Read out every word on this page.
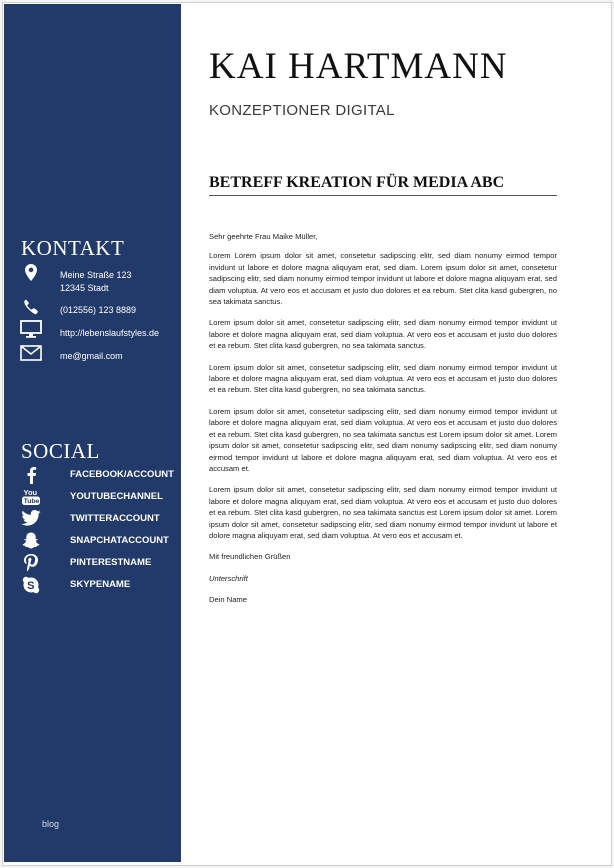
KONTAKT
Meine Straße 123
12345 Stadt
(012556) 123 8889
http://lebenslaufstyles.de
me@gmail.com
SOCIAL
FACEBOOK/ACCOUNT
You
Tube	YOUTUBECHANNEL
TWITTERACCOUNT
SNAPCHATACCOUNT
PINTERESTNAME
S	SKYPENAME
blog
KAI HARTMANN
KONZEPTIONER DIGITAL
BETREFF KREATION FÜR MEDIA ABC

Sehr geehrte Frau Maike Müller,

Lorem Lorem ipsum dolor sit amet, consetetur sadipscing elitr, sed diam nonumy eirmod tempor invidunt ut labore et dolore magna aliquyam erat, sed diam. Lorem ipsum dolor sit amet, consetetur sadipscing elitr, sed diam nonumy eirmod tempor invidunt ut labore et dolore magna aliquyam erat, sed diam voluptua. At vero eos et accusam et justo duo dolores et ea rebum. Stet clita kasd gubergren, no sea takimata sanctus.

Lorem ipsum dolor sit amet, consetetur sadipscing elitr, sed diam nonumy eirmod tempor invidunt ut labore et dolore magna aliquyam erat, sed diam voluptua. At vero eos et accusam et justo duo dolores et ea rebum. Stet clita kasd gubergren, no sea takimata sanctus.

Lorem ipsum dolor sit amet, consetetur sadipscing elitr, sed diam nonumy eirmod tempor invidunt ut labore et dolore magna aliquyam erat, sed diam voluptua. At vero eos et accusam et justo duo dolores et ea rebum. Stet clita kasd gubergren, no sea takimata sanctus.

Lorem ipsum dolor sit amet, consetetur sadipscing elitr, sed diam nonumy eirmod tempor invidunt ut labore et dolore magna aliquyam erat, sed diam voluptua. At vero eos et accusam et justo duo dolores et ea rebum. Stet clita kasd gubergren, no sea takimata sanctus est Lorem ipsum dolor sit amet. Lorem ipsum dolor sit amet, consetetur sadipscing elitr, sed diam nonumy sadipscing elitr, sed diam nonumy eirmod tempor invidunt ut labore et dolore magna aliquyam erat, sed diam voluptua. At vero eos et accusam et.

Lorem ipsum dolor sit amet, consetetur sadipscing elitr, sed diam nonumy eirmod tempor invidunt ut labore et dolore magna aliquyam erat, sed diam voluptua. At vero eos et accusam et justo duo dolores et ea rebum. Stet clita kasd gubergren, no sea takimata sanctus est Lorem ipsum dolor sit amet. Lorem ipsum dolor sit amet, consetetur sadipscing elitr, sed diam nonumy eirmod tempor invidunt ut labore et dolore magna aliquyam erat, sed diam voluptua. At vero eos et accusam et.

Mit freundlichen Grüßen

Unterschrift

Dein Name
